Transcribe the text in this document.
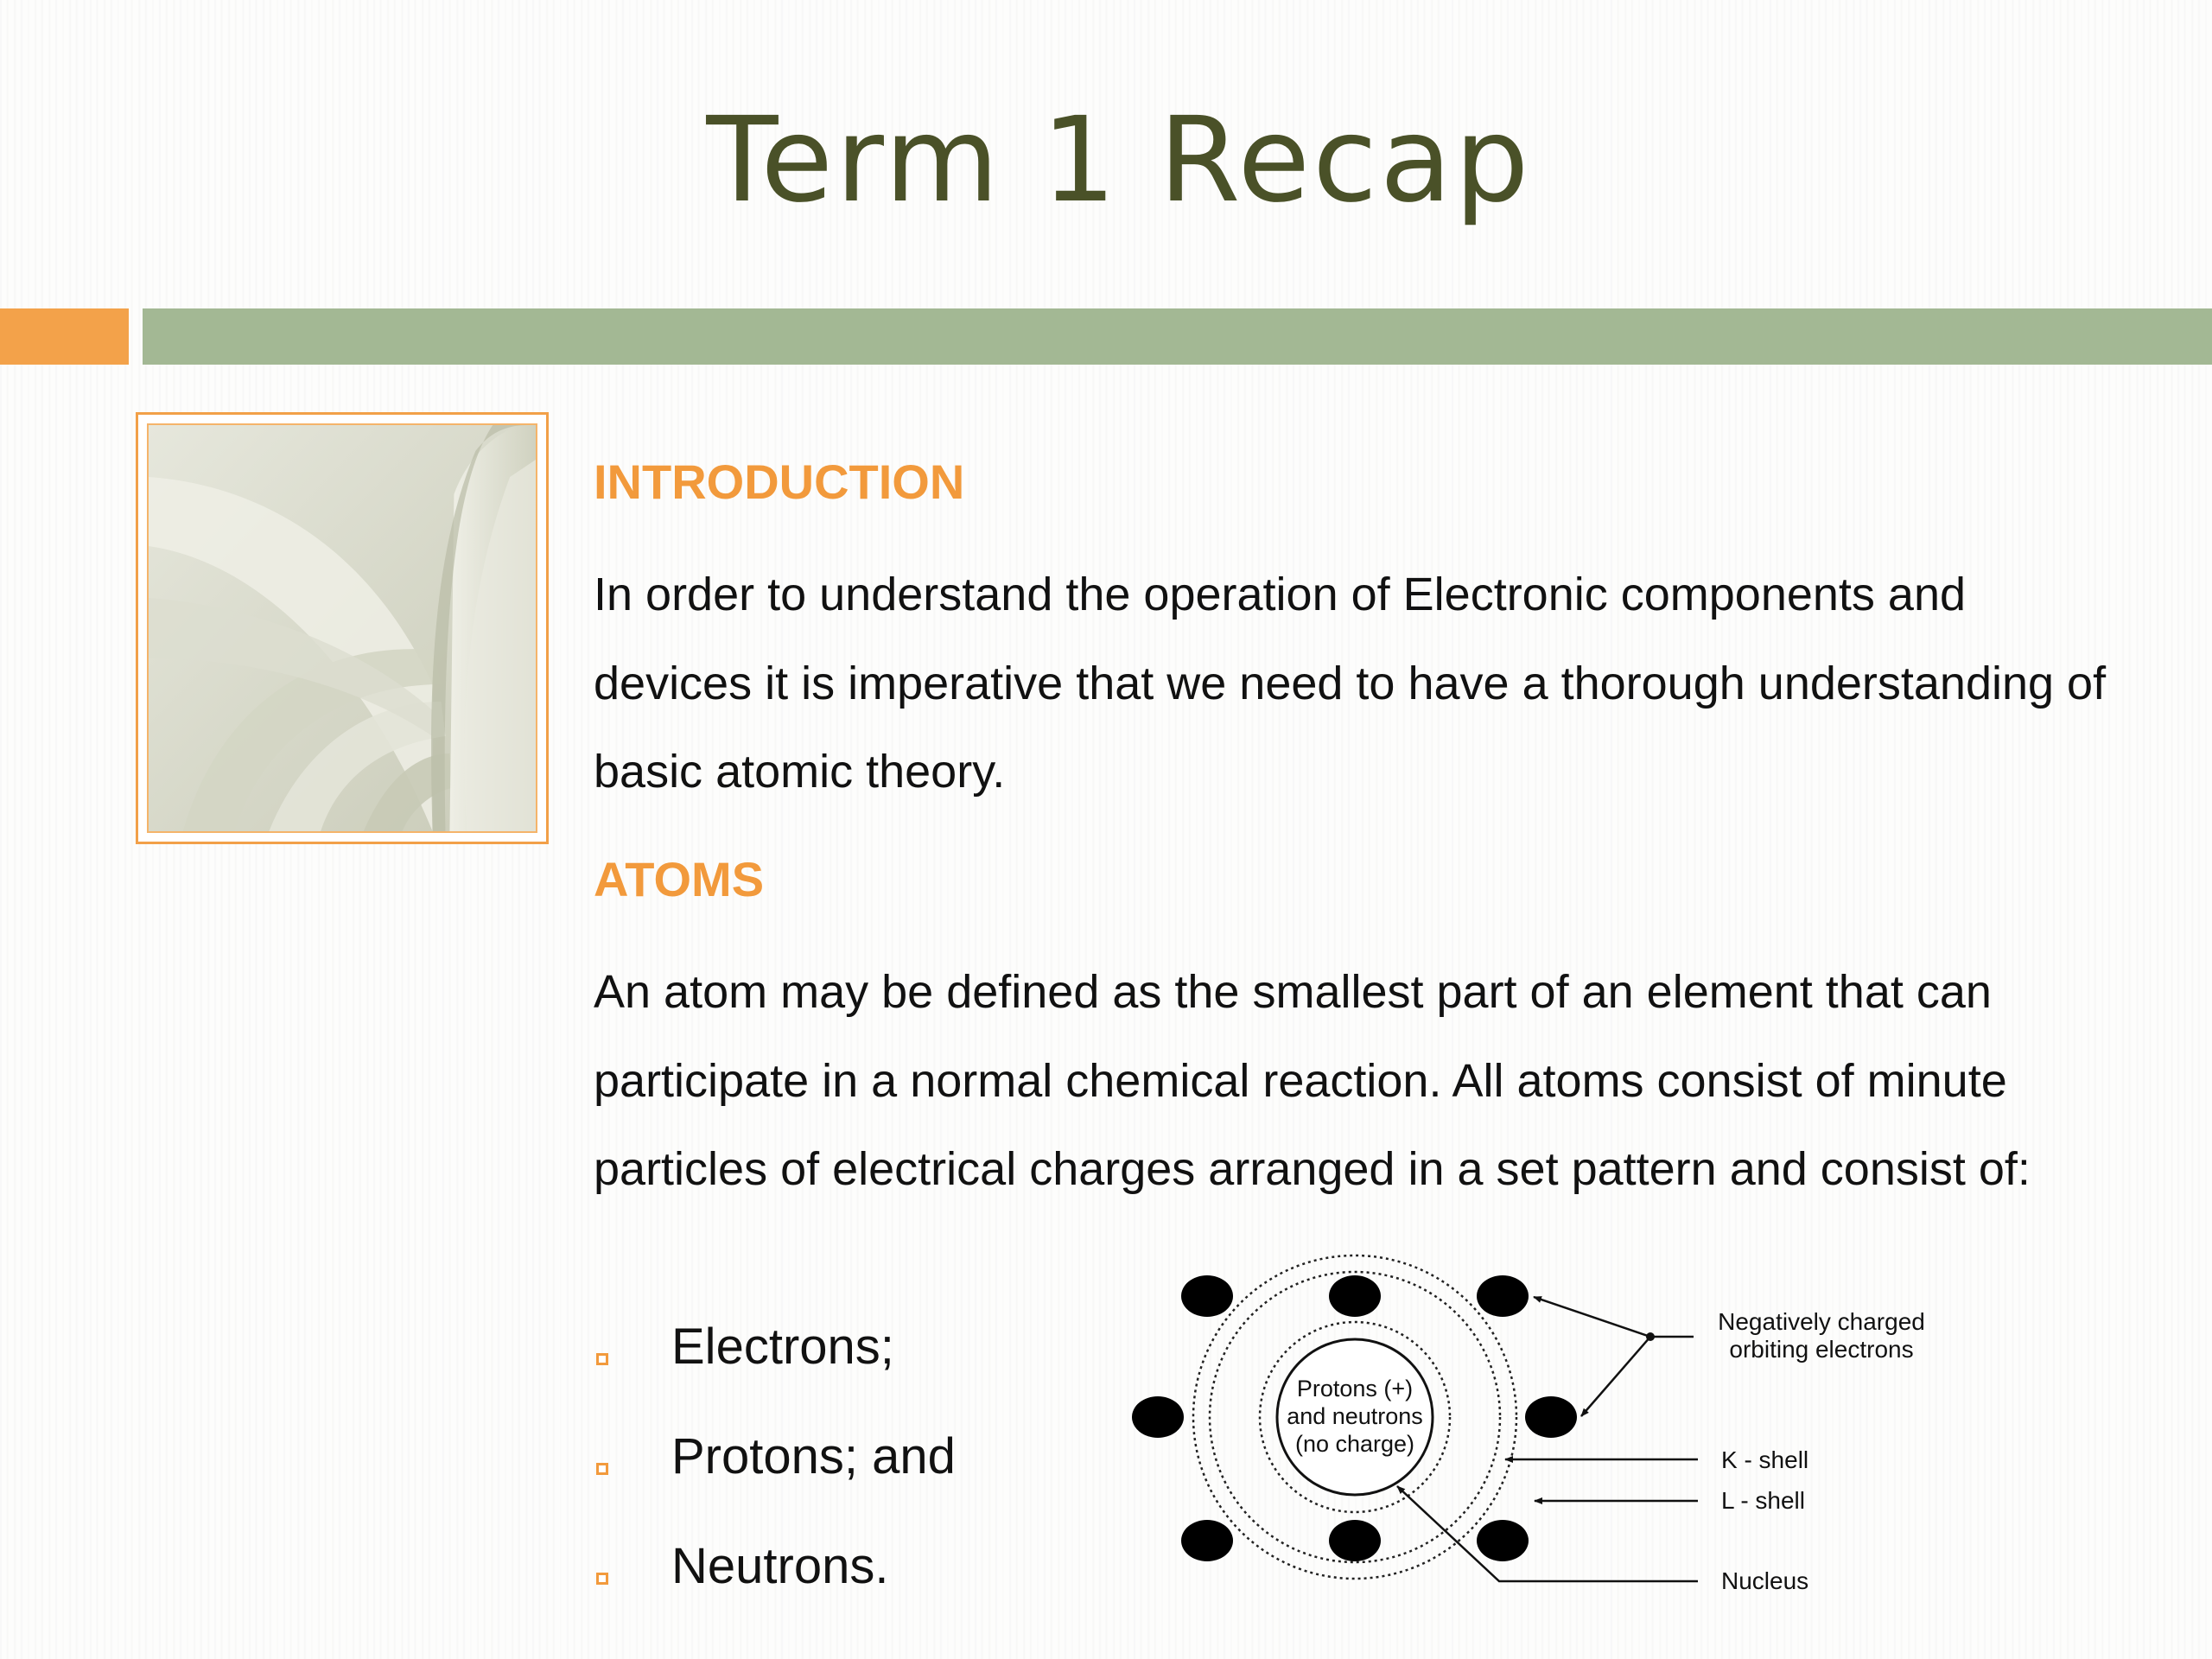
Term 1 Recap
INTRODUCTION

In order to understand the operation of Electronic components and devices it is imperative that we need to have a thorough understanding of basic atomic theory.

ATOMS

An atom may be defined as the smallest part of an element that can participate in a normal chemical reaction. All atoms consist of minute particles of electrical charges arranged in a set pattern and consist of:

Electrons;
Protons; and
Neutrons.
Protons (+)
and neutrons
(no charge)
Negatively charged
orbiting electrons
K - shell
L - shell
Nucleus
